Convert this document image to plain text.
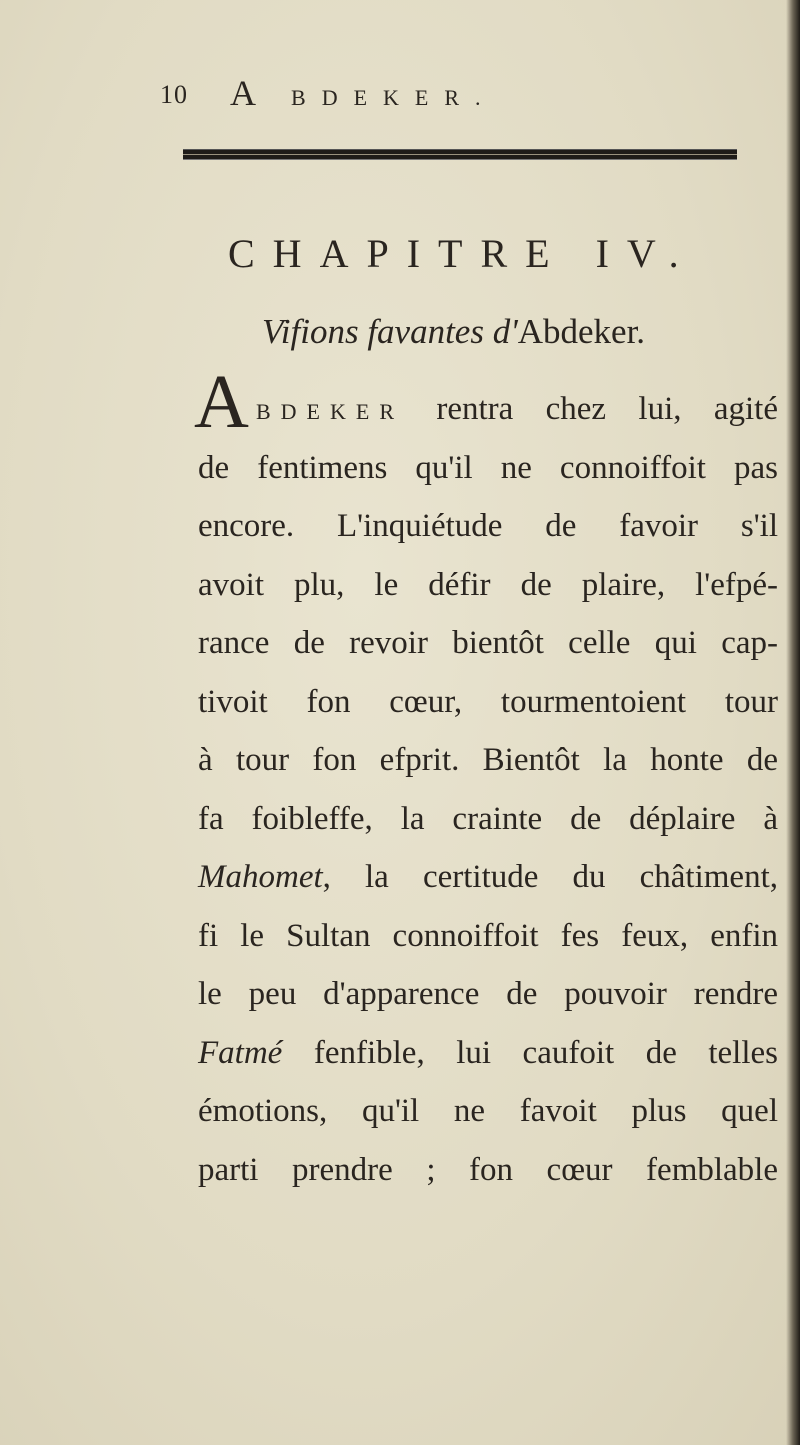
10 A BDEKER.
CHAPITRE IV.
Vifions favantes d'Abdeker.
A BDEKER rentra chez lui, agité
de fentimens qu'il ne connoiffoit pas
encore. L'inquiétude de favoir s'il
avoit plu, le défir de plaire, l'efpé-
rance de revoir bientôt celle qui cap-
tivoit fon cœur, tourmentoient tour
à tour fon efprit. Bientôt la honte de
fa foibleffe, la crainte de déplaire à
Mahomet, la certitude du châtiment,
fi le Sultan connoiffoit fes feux, enfin
le peu d'apparence de pouvoir rendre
Fatmé fenfible, lui caufoit de telles
émotions, qu'il ne favoit plus quel
parti prendre ; fon cœur femblable
